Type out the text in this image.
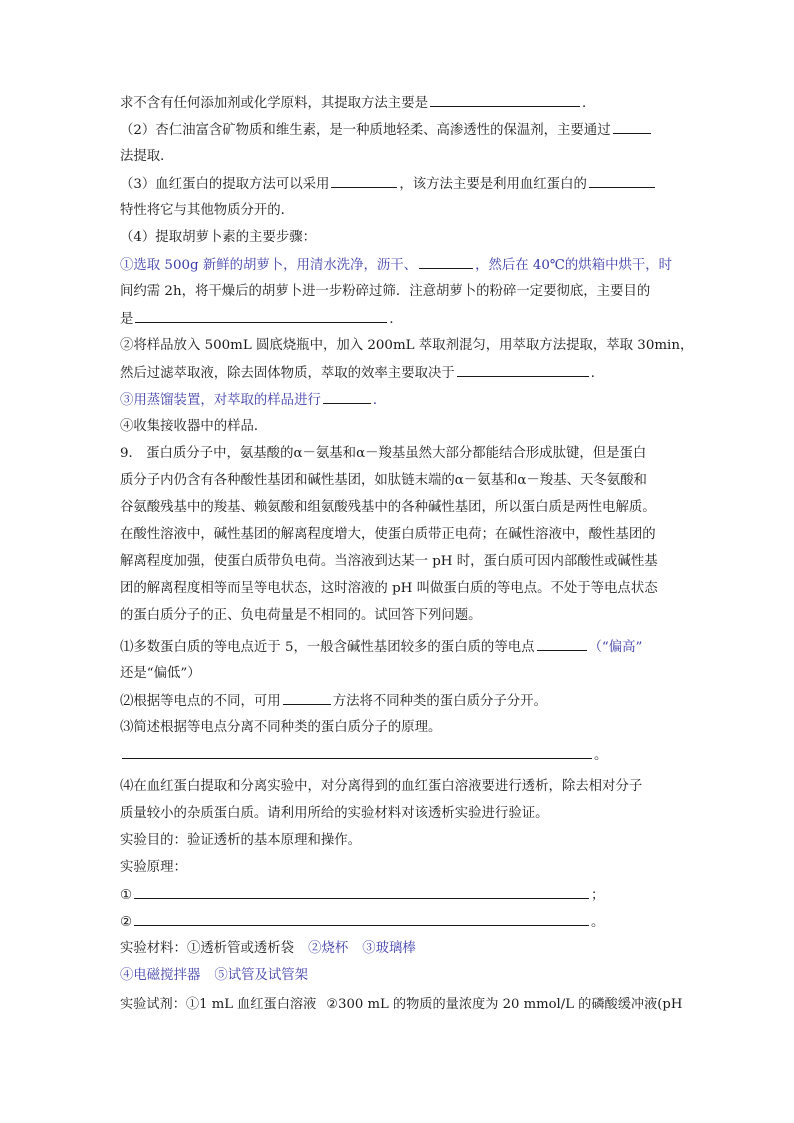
求不含有任何添加剂或化学原料，其提取方法主要是	．
（2）杏仁油富含矿物质和维生素，是一种质地轻柔、高渗透性的保温剂，主要通过
法提取．
（3）血红蛋白的提取方法可以采用	，该方法主要是利用血红蛋白的
特性将它与其他物质分开的．
（4）提取胡萝卜素的主要步骤：
①选取 500g 新鲜的胡萝卜，用清水洗净，沥干、	，然后在 40℃的烘箱中烘干，时
间约需 2h，将干燥后的胡萝卜进一步粉碎过筛．注意胡萝卜的粉碎一定要彻底，主要目的
是	．
②将样品放入 500mL 圆底烧瓶中，加入 200mL 萃取剂混匀，用萃取方法提取，萃取 30min，
然后过滤萃取液，除去固体物质，萃取的效率主要取决于	．
③用蒸馏装置，对萃取的样品进行	．
④收集接收器中的样品．
9． 蛋白质分子中，氨基酸的α－氨基和α－羧基虽然大部分都能结合形成肽键，但是蛋白
质分子内仍含有各种酸性基团和碱性基团，如肽链末端的α－氨基和α－羧基、天冬氨酸和
谷氨酸残基中的羧基、赖氨酸和组氨酸残基中的各种碱性基团，所以蛋白质是两性电解质。
在酸性溶液中，碱性基团的解离程度增大，使蛋白质带正电荷；在碱性溶液中，酸性基团的
解离程度加强，使蛋白质带负电荷。当溶液到达某一 pH 时，蛋白质可因内部酸性或碱性基
团的解离程度相等而呈等电状态，这时溶液的 pH 叫做蛋白质的等电点。不处于等电点状态
的蛋白质分子的正、负电荷量是不相同的。试回答下列问题。
⑴多数蛋白质的等电点近于 5，一般含碱性基团较多的蛋白质的等电点	（“偏高”
还是“偏低”）
⑵根据等电点的不同，可用	方法将不同种类的蛋白质分子分开。
⑶简述根据等电点分离不同种类的蛋白质分子的原理。
。
⑷在血红蛋白提取和分离实验中，对分离得到的血红蛋白溶液要进行透析，除去相对分子
质量较小的杂质蛋白质。请利用所给的实验材料对该透析实验进行验证。
实验目的：验证透析的基本原理和操作。
实验原理：
①	；
②	。
实验材料：①透析管或透析袋 ②烧杯 ③玻璃棒
④电磁搅拌器 ⑤试管及试管架
实验试剂：①1 mL 血红蛋白溶液 ②300 mL 的物质的量浓度为 20 mmol/L 的磷酸缓冲液(pH
